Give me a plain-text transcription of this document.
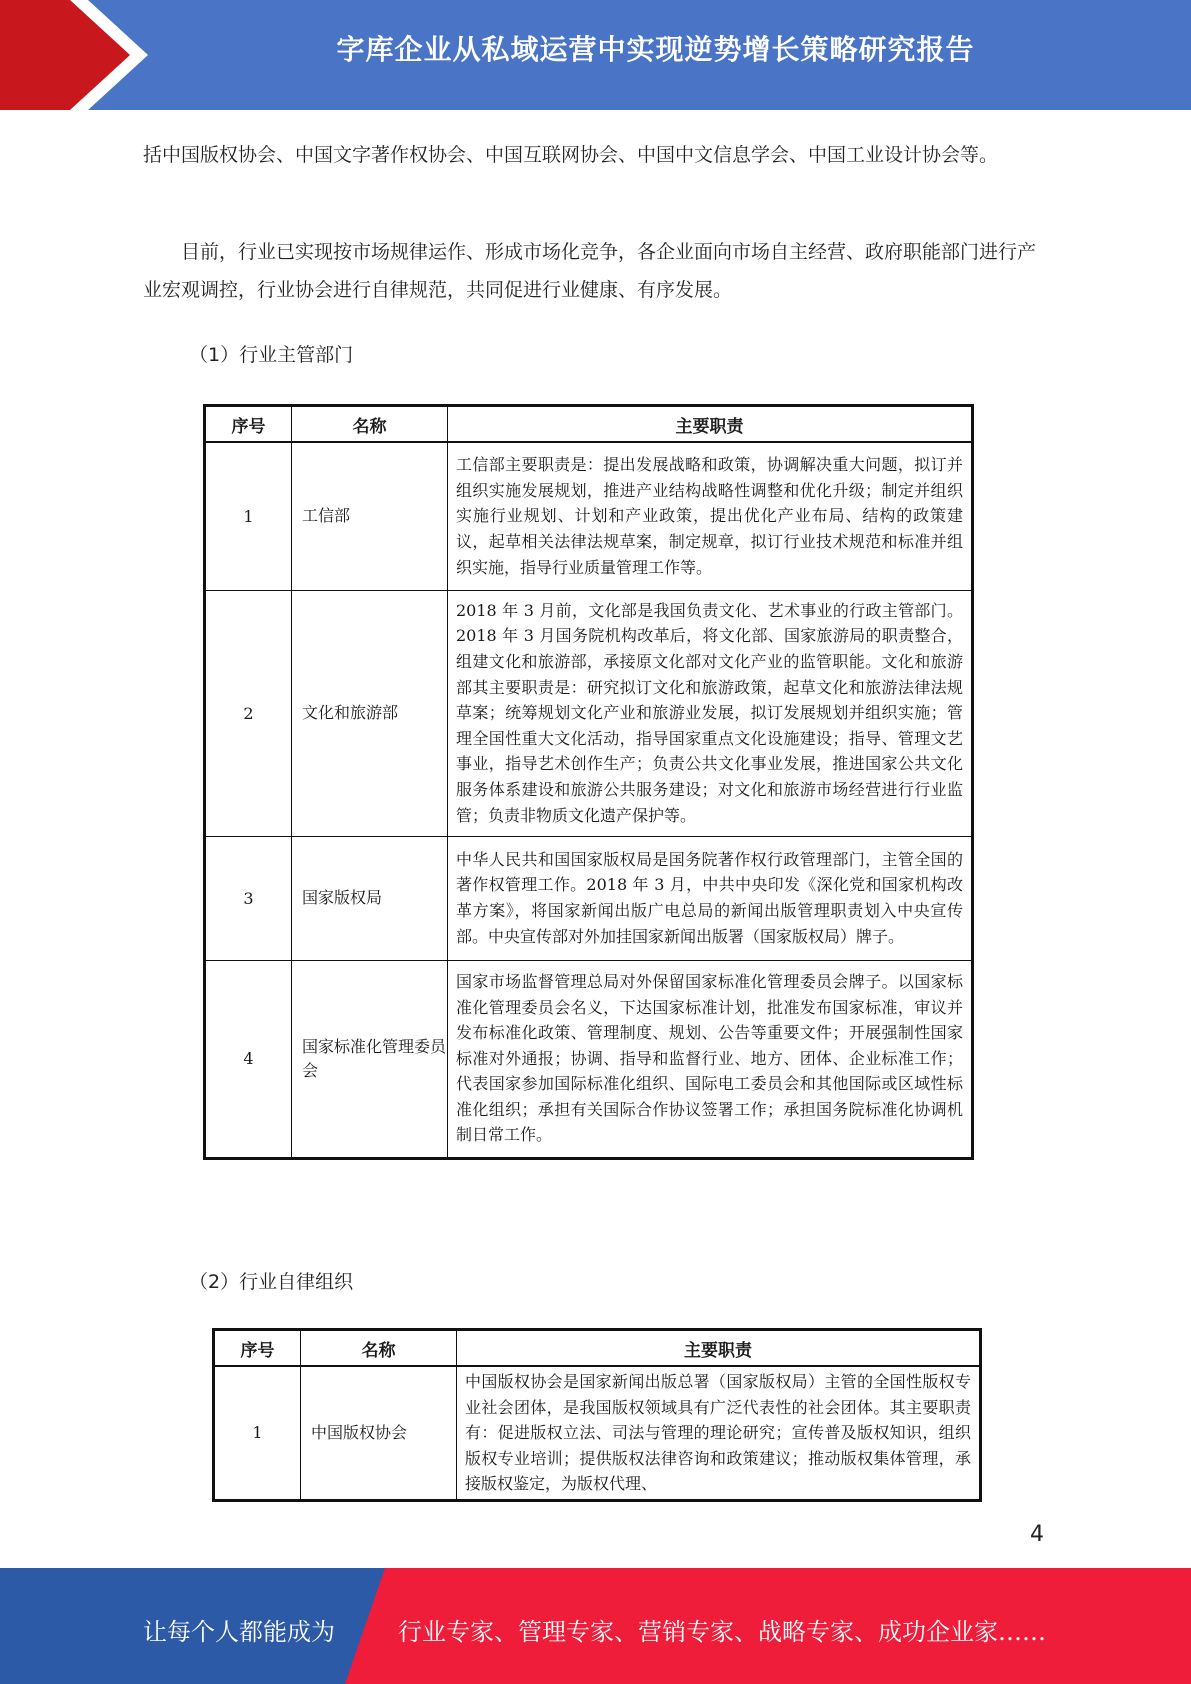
字库企业从私域运营中实现逆势增长策略研究报告

括中国版权协会、中国文字著作权协会、中国互联网协会、中国中文信息学会、中国工业设计协会等。

目前，行业已实现按市场规律运作、形成市场化竞争，各企业面向市场自主经营、政府职能部门进行产业宏观调控，行业协会进行自律规范，共同促进行业健康、有序发展。

（1）行业主管部门
序号	名称	主要职责
1	工信部	工信部主要职责是：提出发展战略和政策，协调解决重大问题，拟订并组织实施发展规划，推进产业结构战略性调整和优化升级；制定并组织实施行业规划、计划和产业政策，提出优化产业布局、结构的政策建议，起草相关法律法规草案，制定规章，拟订行业技术规范和标准并组织实施，指导行业质量管理工作等。
2	文化和旅游部	2018 年 3 月前，文化部是我国负责文化、艺术事业的行政主管部门。2018 年 3 月国务院机构改革后，将文化部、国家旅游局的职责整合，组建文化和旅游部，承接原文化部对文化产业的监管职能。文化和旅游部其主要职责是：研究拟订文化和旅游政策，起草文化和旅游法律法规草案；统筹规划文化产业和旅游业发展，拟订发展规划并组织实施；管理全国性重大文化活动，指导国家重点文化设施建设；指导、管理文艺事业，指导艺术创作生产；负责公共文化事业发展，推进国家公共文化服务体系建设和旅游公共服务建设；对文化和旅游市场经营进行行业监管；负责非物质文化遗产保护等。
3	国家版权局	中华人民共和国国家版权局是国务院著作权行政管理部门，主管全国的著作权管理工作。2018 年 3 月，中共中央印发《深化党和国家机构改革方案》，将国家新闻出版广电总局的新闻出版管理职责划入中央宣传部。中央宣传部对外加挂国家新闻出版署（国家版权局）牌子。
4	国家标准化管理委员会	国家市场监督管理总局对外保留国家标准化管理委员会牌子。以国家标准化管理委员会名义，下达国家标准计划，批准发布国家标准，审议并发布标准化政策、管理制度、规划、公告等重要文件；开展强制性国家标准对外通报；协调、指导和监督行业、地方、团体、企业标准工作；代表国家参加国际标准化组织、国际电工委员会和其他国际或区域性标准化组织；承担有关国际合作协议签署工作；承担国务院标准化协调机制日常工作。
（2）行业自律组织
序号	名称	主要职责
1	中国版权协会	中国版权协会是国家新闻出版总署（国家版权局）主管的全国性版权专业社会团体，是我国版权领域具有广泛代表性的社会团体。其主要职责有：促进版权立法、司法与管理的理论研究；宣传普及版权知识，组织版权专业培训；提供版权法律咨询和政策建议；推动版权集体管理，承接版权鉴定，为版权代理、
4
让每个人都能成为	行业专家、管理专家、营销专家、战略专家、成功企业家……
